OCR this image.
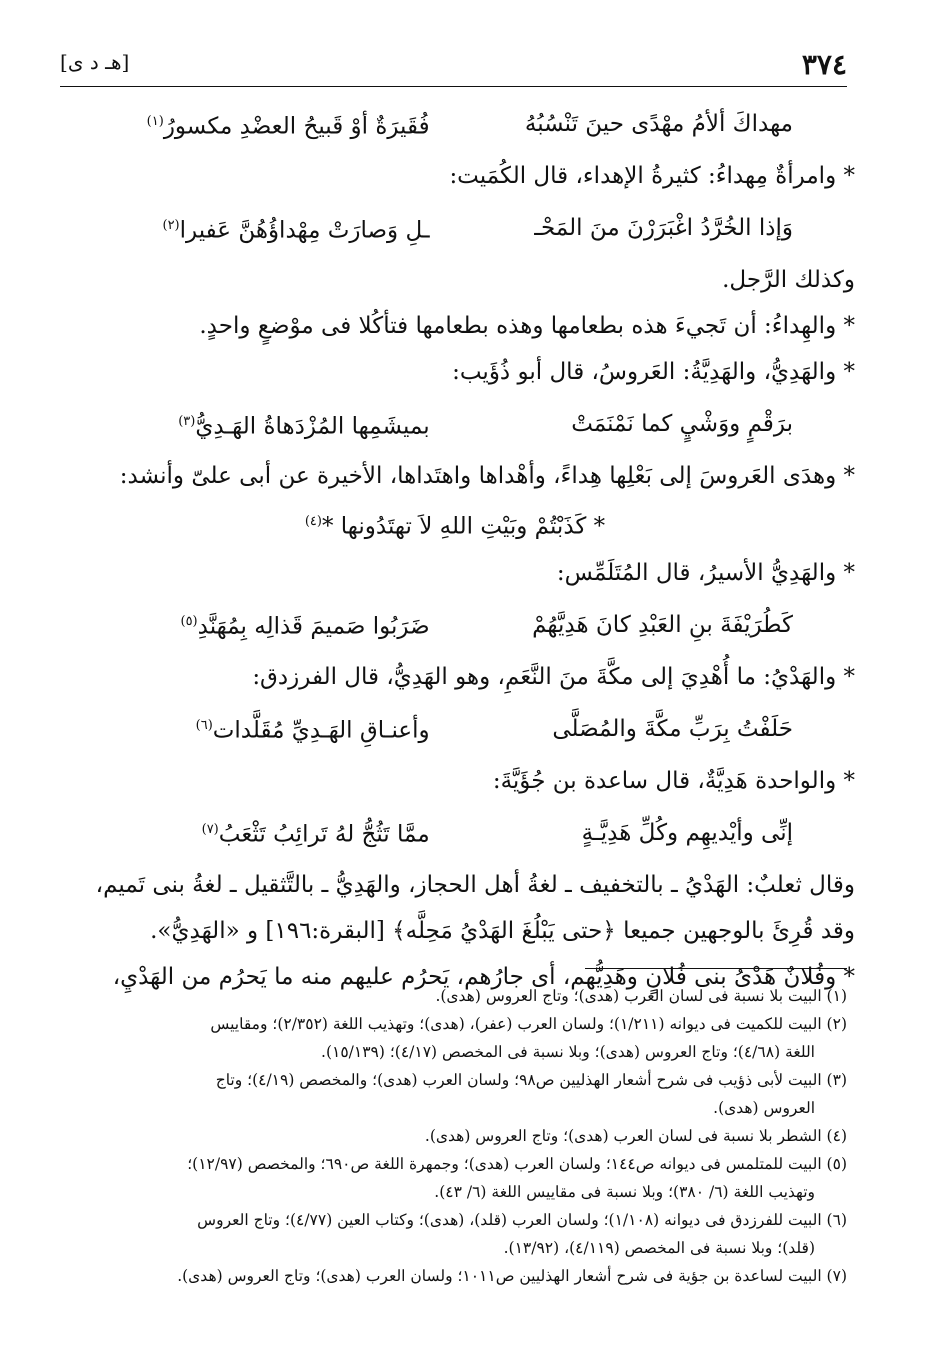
٣٧٤
[هـ د ى]
مهداكَ ألأمُ مهْدًى حينَ تَنْسُبُهُ
فُقَيرَةٌ أوْ قَبيحُ العضْدِ مكسورُ$^{(١)}$
* وامرأةٌ مِهداءُ: كثيرةُ الإهداء، قال الكُمَيت:
وَإذا الخُرَّدُ اغْبَرَرْنَ منَ المَحْـ
ـلِ وَصارَتْ مِهْداؤُهُنَّ عَفيرا$^{(٢)}$
وكذلك الرَّجل.
* والهِداءُ: أن تَجيءَ هذه بطعامها وهذه بطعامها فتأكُلا فى موْضعٍ واحدٍ.
* والهَدِيُّ، والهَدِيَّةُ: العَروسُ، قال أبو ذُؤَيب:
برَقْمٍ ووَشْيٍ كما نَمْنَمَتْ
بميشَمِها المُزْدَهاةُ الهَـدِيُّ$^{(٣)}$
* وهدَى العَروسَ إلى بَعْلِها هِداءً، وأهْداها واهتَداها، الأخيرة عن أبى علىّ وأنشد:
* كَذَبْتُمْ وبَيْتِ اللهِ لاَ تهتَدُونها *$^{(٤)}$
* والهَدِيُّ الأسيرُ، قال المُتَلَمِّس:
كَطُرَيْفَةَ بنِ العَبْدِ كانَ هَدِيَّهُمْ
ضَرَبُوا صَميمَ قَذالِه بِمُهَنَّدِ$^{(٥)}$
* والهَدْيُ: ما أُهْدِيَ إلى مكَّةَ منَ النَّعَمِ، وهو الهَدِيُّ، قال الفرزدق:
حَلَفْتُ بِرَبِّ مكَّةَ والمُصَلَّى
وأعنـاقِ الهَـدِيِّ مُقَلَّدات$^{(٦)}$
* والواحدة هَدِيَّةٌ، قال ساعدة بن جُؤَيَّةَ:
إنِّى وأيْديهِم وكُلِّ هَدِيَّـةٍ
ممَّا تَثُجُّ لهُ تَرائِبُ تَثْعَبُ$^{(٧)}$
وقال ثعلبٌ: الهَدْيُ ـ بالتخفيف ـ لغةُ أهل الحجاز، والهَدِيُّ ـ بالتَّثقيل ـ لغةُ بنى تَميم،
وقد قُرِئَ بالوجهين جميعا ﴿حتى يَبْلُغَ الهَدْيُ مَحِلَّه﴾ [البقرة:١٩٦] و «الهَدِيُّ».
* وفُلانٌ هَدْىُ بنى فُلانٍ وهَدِيُّهم، أى جارُهم، يَحرُم عليهم منه ما يَحرُم من الهَدْيِ،
(١) البيت بلا نسبة فى لسان العرب (هدى)؛ وتاج العروس (هدى).
(٢) البيت للكميت فى ديوانه (١/٢١١)؛ ولسان العرب (عفر)، (هدى)؛ وتهذيب اللغة (٢/٣٥٢)؛ ومقاييس
اللغة (٤/٦٨)؛ وتاج العروس (هدى)؛ وبلا نسبة فى المخصص (٤/١٧)؛ (١٥/١٣٩).
(٣) البيت لأبى ذؤيب فى شرح أشعار الهذليين ص٩٨؛ ولسان العرب (هدى)؛ والمخصص (٤/١٩)؛ وتاج
العروس (هدى).
(٤) الشطر بلا نسبة فى لسان العرب (هدى)؛ وتاج العروس (هدى).
(٥) البيت للمتلمس فى ديوانه ص١٤٤؛ ولسان العرب (هدى)؛ وجمهرة اللغة ص٦٩٠؛ والمخصص (١٢/٩٧)؛
وتهذيب اللغة (٦/ ٣٨٠)؛ وبلا نسبة فى مقاييس اللغة (٦/ ٤٣).
(٦) البيت للفرزدق فى ديوانه (١/١٠٨)؛ ولسان العرب (قلد)، (هدى)؛ وكتاب العين (٤/٧٧)؛ وتاج العروس
(قلد)؛ وبلا نسبة فى المخصص (٤/١١٩)، (١٣/٩٢).
(٧) البيت لساعدة بن جؤية فى شرح أشعار الهذليين ص١٠١١؛ ولسان العرب (هدى)؛ وتاج العروس (هدى).
